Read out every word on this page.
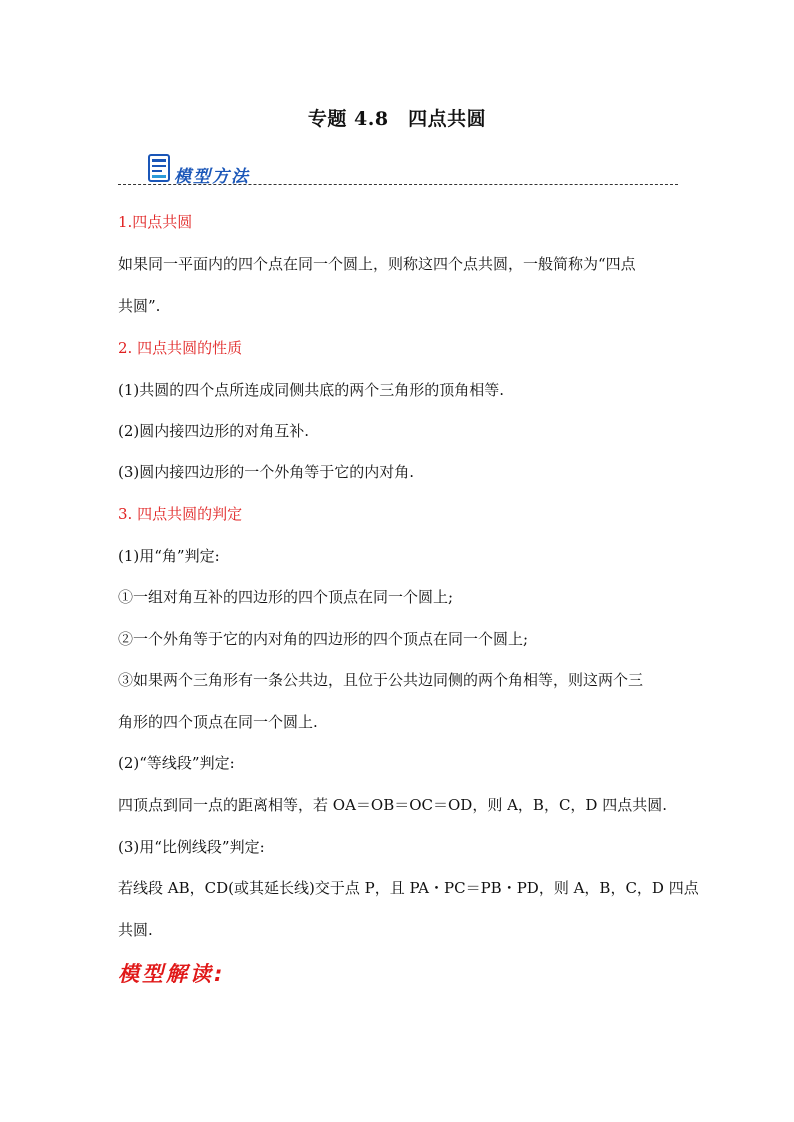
专题 4.8　四点共圆
模型方法
1.四点共圆
如果同一平面内的四个点在同一个圆上，则称这四个点共圆，一般简称为“四点
共圆”.
2. 四点共圆的性质
(1)共圆的四个点所连成同侧共底的两个三角形的顶角相等.
(2)圆内接四边形的对角互补.
(3)圆内接四边形的一个外角等于它的内对角.
3. 四点共圆的判定
(1)用“角”判定:
①一组对角互补的四边形的四个顶点在同一个圆上;
②一个外角等于它的内对角的四边形的四个顶点在同一个圆上;
③如果两个三角形有一条公共边，且位于公共边同侧的两个角相等，则这两个三
角形的四个顶点在同一个圆上.
(2)“等线段”判定:
四顶点到同一点的距离相等，若 OA＝OB＝OC＝OD，则 A，B，C，D 四点共圆.
(3)用“比例线段”判定:
若线段 AB，CD(或其延长线)交于点 P，且 PA・PC＝PB・PD，则 A，B，C，D 四点
共圆.
模型解读:
